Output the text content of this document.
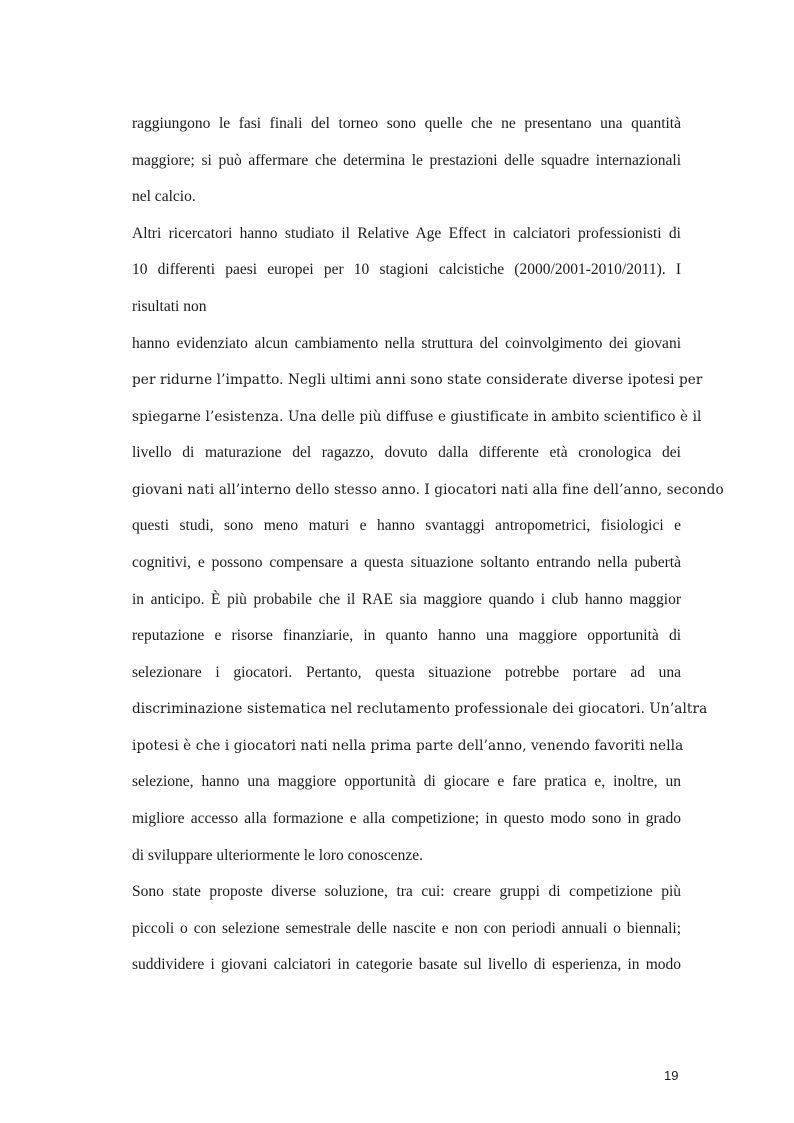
raggiungono le fasi finali del torneo sono quelle che ne presentano una quantità
maggiore; si può affermare che determina le prestazioni delle squadre internazionali
nel calcio.
Altri ricercatori hanno studiato il Relative Age Effect in calciatori professionisti di
10 differenti paesi europei per 10 stagioni calcistiche (2000/2001-2010/2011). I
risultati non
hanno evidenziato alcun cambiamento nella struttura del coinvolgimento dei giovani
per ridurne l’impatto. Negli ultimi anni sono state considerate diverse ipotesi per
spiegarne l’esistenza. Una delle più diffuse e giustificate in ambito scientifico è il
livello di maturazione del ragazzo, dovuto dalla differente età cronologica dei
giovani nati all’interno dello stesso anno. I giocatori nati alla fine dell’anno, secondo
questi studi, sono meno maturi e hanno svantaggi antropometrici, fisiologici e
cognitivi, e possono compensare a questa situazione soltanto entrando nella pubertà
in anticipo. È più probabile che il RAE sia maggiore quando i club hanno maggior
reputazione e risorse finanziarie, in quanto hanno una maggiore opportunità di
selezionare i giocatori. Pertanto, questa situazione potrebbe portare ad una
discriminazione sistematica nel reclutamento professionale dei giocatori. Un’altra
ipotesi è che i giocatori nati nella prima parte dell’anno, venendo favoriti nella
selezione, hanno una maggiore opportunità di giocare e fare pratica e, inoltre, un
migliore accesso alla formazione e alla competizione; in questo modo sono in grado
di sviluppare ulteriormente le loro conoscenze.
Sono state proposte diverse soluzione, tra cui: creare gruppi di competizione più
piccoli o con selezione semestrale delle nascite e non con periodi annuali o biennali;
suddividere i giovani calciatori in categorie basate sul livello di esperienza, in modo
19
